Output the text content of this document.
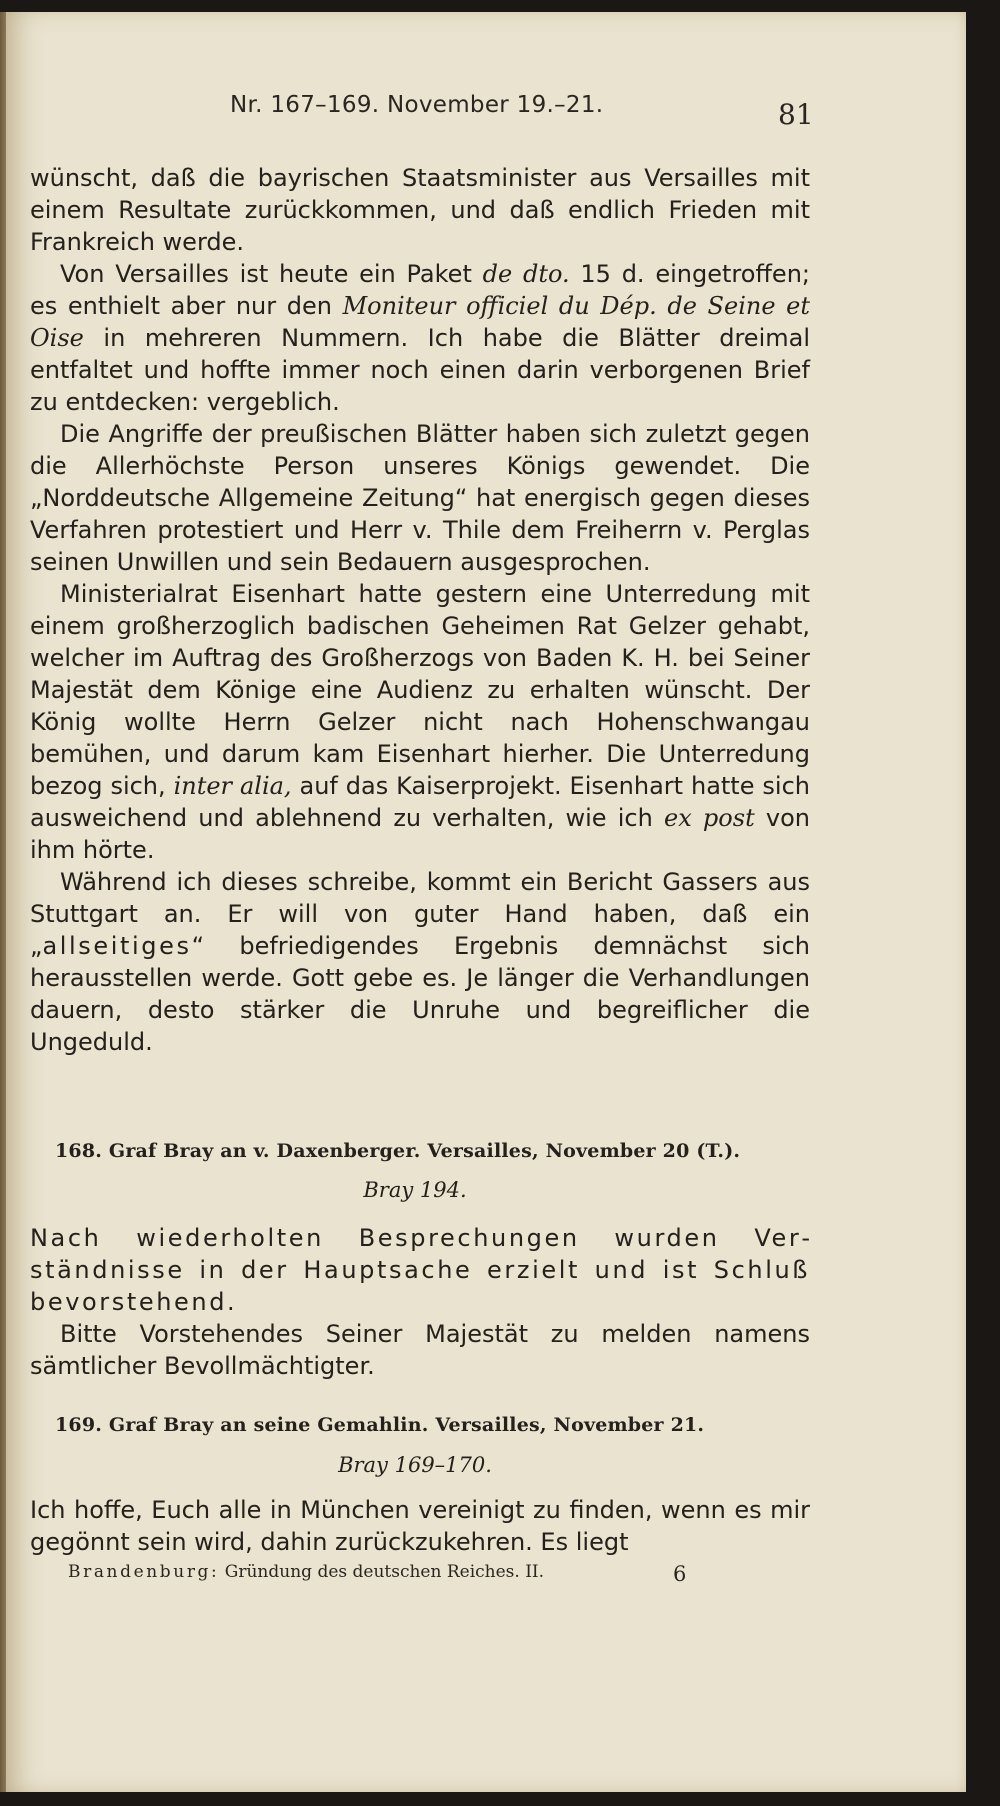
Nr. 167–169. November 19.–21.	81

wünscht, daß die bayrischen Staatsminister aus Versailles mit einem Resultate zurückkommen, und daß endlich Frieden mit Frankreich werde.

Von Versailles ist heute ein Paket de dto. 15 d. eingetroffen; es enthielt aber nur den Moniteur officiel du Dép. de Seine et Oise in mehreren Nummern. Ich habe die Blätter dreimal entfaltet und hoffte immer noch einen darin verborgenen Brief zu entdecken: vergeblich.

Die Angriffe der preußischen Blätter haben sich zuletzt gegen die Allerhöchste Person unseres Königs gewendet. Die „Norddeutsche Allgemeine Zeitung“ hat energisch gegen dieses Verfahren protestiert und Herr v. Thile dem Freiherrn v. Perglas seinen Unwillen und sein Bedauern ausgesprochen.

Ministerialrat Eisenhart hatte gestern eine Unterredung mit einem großherzoglich badischen Geheimen Rat Gelzer gehabt, welcher im Auftrag des Großherzogs von Baden K. H. bei Seiner Majestät dem Könige eine Audienz zu erhalten wünscht. Der König wollte Herrn Gelzer nicht nach Hohenschwangau bemühen, und darum kam Eisenhart hierher. Die Unterredung bezog sich, inter alia, auf das Kaiserprojekt. Eisenhart hatte sich ausweichend und ablehnend zu verhalten, wie ich ex post von ihm hörte.

Während ich dieses schreibe, kommt ein Bericht Gassers aus Stuttgart an. Er will von guter Hand haben, daß ein „allseitiges“ befriedigendes Ergebnis demnächst sich herausstellen werde. Gott gebe es. Je länger die Verhandlungen dauern, desto stärker die Unruhe und begreiflicher die Ungeduld.

168. Graf Bray an v. Daxenberger. Versailles, November 20 (T.).
Bray 194.

Nach wiederholten Besprechungen wurden Verständnisse in der Hauptsache erzielt und ist Schluß bevorstehend.

Bitte Vorstehendes Seiner Majestät zu melden namens sämtlicher Bevollmächtigter.

169. Graf Bray an seine Gemahlin. Versailles, November 21.
Bray 169–170.

Ich hoffe, Euch alle in München vereinigt zu finden, wenn es mir gegönnt sein wird, dahin zurückzukehren. Es liegt

Brandenburg: Gründung des deutschen Reiches. II.	6
